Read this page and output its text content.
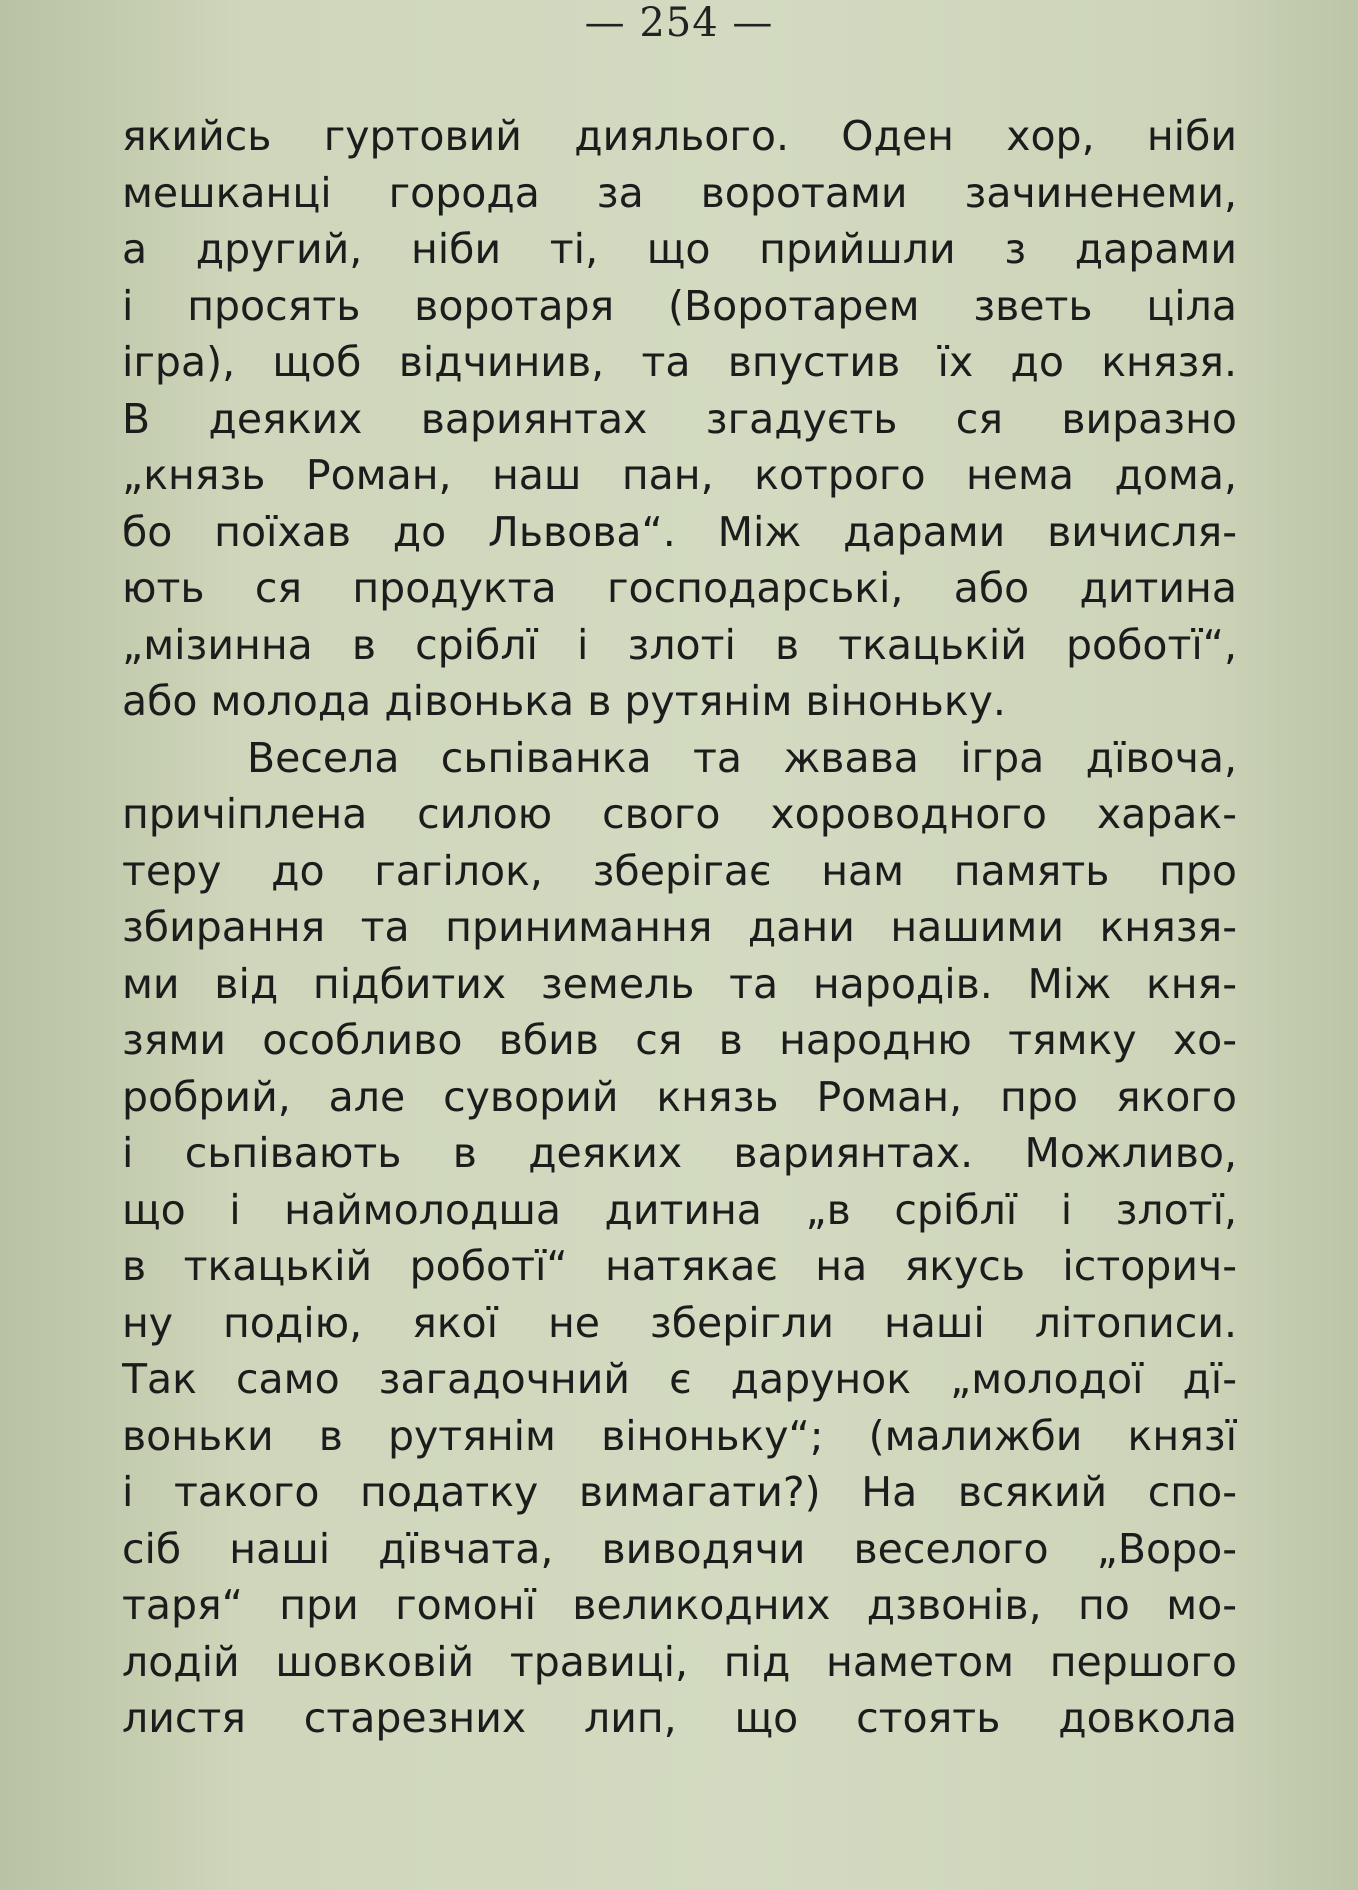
— 254 —
якийсь гуртовий диялього. Оден хор, ніби
мешканці города за воротами зачиненеми,
а другий, ніби ті, що прийшли з дарами
і просять воротаря (Воротарем зветь ціла
ігра), щоб відчинив, та впустив їх до князя.
В деяких вариянтах згадуєть ся виразно
„князь Роман, наш пан, котрого нема дома,
бо поїхав до Львова“. Між дарами вичисля-
ють ся продукта господарські, або дитина
„мізинна в сріблї і злоті в ткацькій роботї“,
або молода дівонька в рутянім віноньку.
Весела сьпіванка та жвава ігра дївоча,
причіплена силою свого хороводного харак-
теру до гагілок, зберігає нам память про
збирання та принимання дани нашими князя-
ми від підбитих земель та народів. Між кня-
зями особливо вбив ся в народню тямку хо-
робрий, але суворий князь Роман, про якого
і сьпівають в деяких вариянтах. Можливо,
що і наймолодша дитина „в сріблї і злотї,
в ткацькій роботї“ натякає на якусь історич-
ну подію, якої не зберігли наші літописи.
Так само загадочний є дарунок „молодої дї-
воньки в рутянім віноньку“; (малижби князї
і такого податку вимагати?) На всякий спо-
сіб наші дївчата, виводячи веселого „Воро-
таря“ при гомонї великодних дзвонів, по мо-
лодій шовковій травиці, під наметом першого
листя старезних лип, що стоять довкола
